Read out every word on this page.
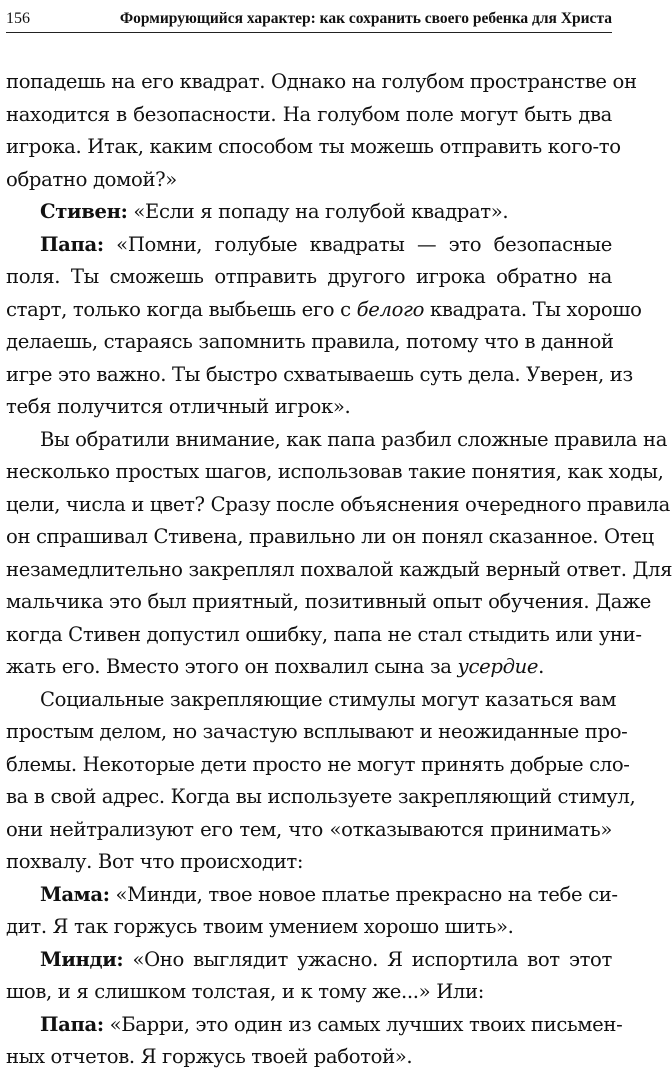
156	Формирующийся характер: как сохранить своего ребенка для Христа
попадешь на его квадрат. Однако на голубом пространстве он
находится в безопасности. На голубом поле могут быть два
игрока. Итак, каким способом ты можешь отправить кого-то
обратно домой?»
Стивен: «Если я попаду на голубой квадрат».
Папа: «Помни, голубые квадраты — это безопасные
поля. Ты сможешь отправить другого игрока обратно на
старт, только когда выбьешь его с белого квадрата. Ты хорошо
делаешь, стараясь запомнить правила, потому что в данной
игре это важно. Ты быстро схватываешь суть дела. Уверен, из
тебя получится отличный игрок».
Вы обратили внимание, как папа разбил сложные правила на
несколько простых шагов, использовав такие понятия, как ходы,
цели, числа и цвет? Сразу после объяснения очередного правила
он спрашивал Стивена, правильно ли он понял сказанное. Отец
незамедлительно закреплял похвалой каждый верный ответ. Для
мальчика это был приятный, позитивный опыт обучения. Даже
когда Стивен допустил ошибку, папа не стал стыдить или уни-
жать его. Вместо этого он похвалил сына за усердие.
Социальные закрепляющие стимулы могут казаться вам
простым делом, но зачастую всплывают и неожиданные про-
блемы. Некоторые дети просто не могут принять добрые сло-
ва в свой адрес. Когда вы используете закрепляющий стимул,
они нейтрализуют его тем, что «отказываются принимать»
похвалу. Вот что происходит:
Мама: «Минди, твое новое платье прекрасно на тебе си-
дит. Я так горжусь твоим умением хорошо шить».
Минди: «Оно выглядит ужасно. Я испортила вот этот
шов, и я слишком толстая, и к тому же...» Или:
Папа: «Барри, это один из самых лучших твоих письмен-
ных отчетов. Я горжусь твоей работой».
